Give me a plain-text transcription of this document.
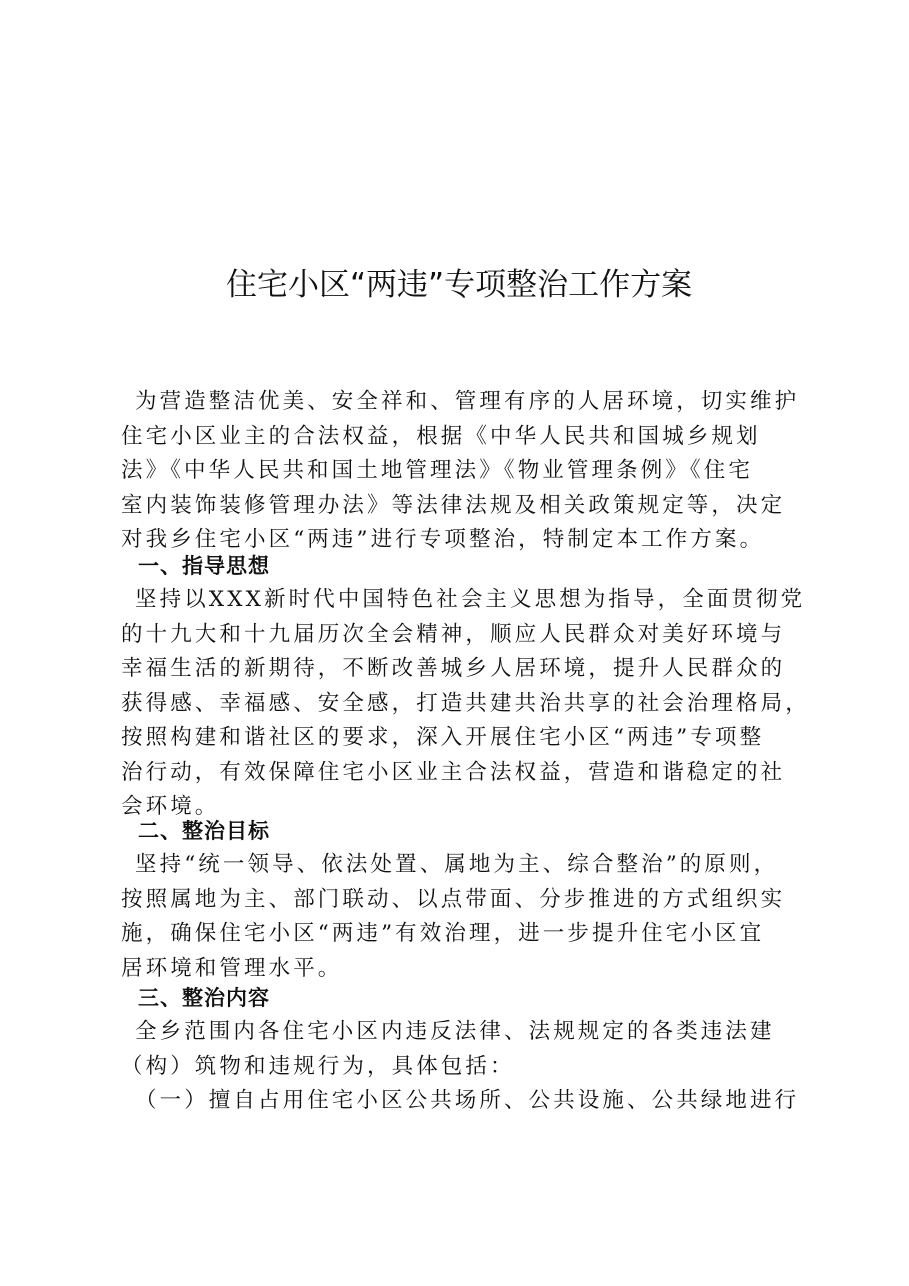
住宅小区“两违”专项整治工作方案
为营造整洁优美、安全祥和、管理有序的人居环境，切实维护
住宅小区业主的合法权益，根据《中华人民共和国城乡规划
法》《中华人民共和国土地管理法》《物业管理条例》《住宅
室内装饰装修管理办法》等法律法规及相关政策规定等，决定
对我乡住宅小区“两违”进行专项整治，特制定本工作方案。
一、指导思想
坚持以XXX新时代中国特色社会主义思想为指导，全面贯彻党
的十九大和十九届历次全会精神，顺应人民群众对美好环境与
幸福生活的新期待，不断改善城乡人居环境，提升人民群众的
获得感、幸福感、安全感，打造共建共治共享的社会治理格局，
按照构建和谐社区的要求，深入开展住宅小区“两违”专项整
治行动，有效保障住宅小区业主合法权益，营造和谐稳定的社
会环境。
二、整治目标
坚持“统一领导、依法处置、属地为主、综合整治”的原则，
按照属地为主、部门联动、以点带面、分步推进的方式组织实
施，确保住宅小区“两违”有效治理，进一步提升住宅小区宜
居环境和管理水平。
三、整治内容
全乡范围内各住宅小区内违反法律、法规规定的各类违法建
（构）筑物和违规行为，具体包括：
（一）擅自占用住宅小区公共场所、公共设施、公共绿地进行
